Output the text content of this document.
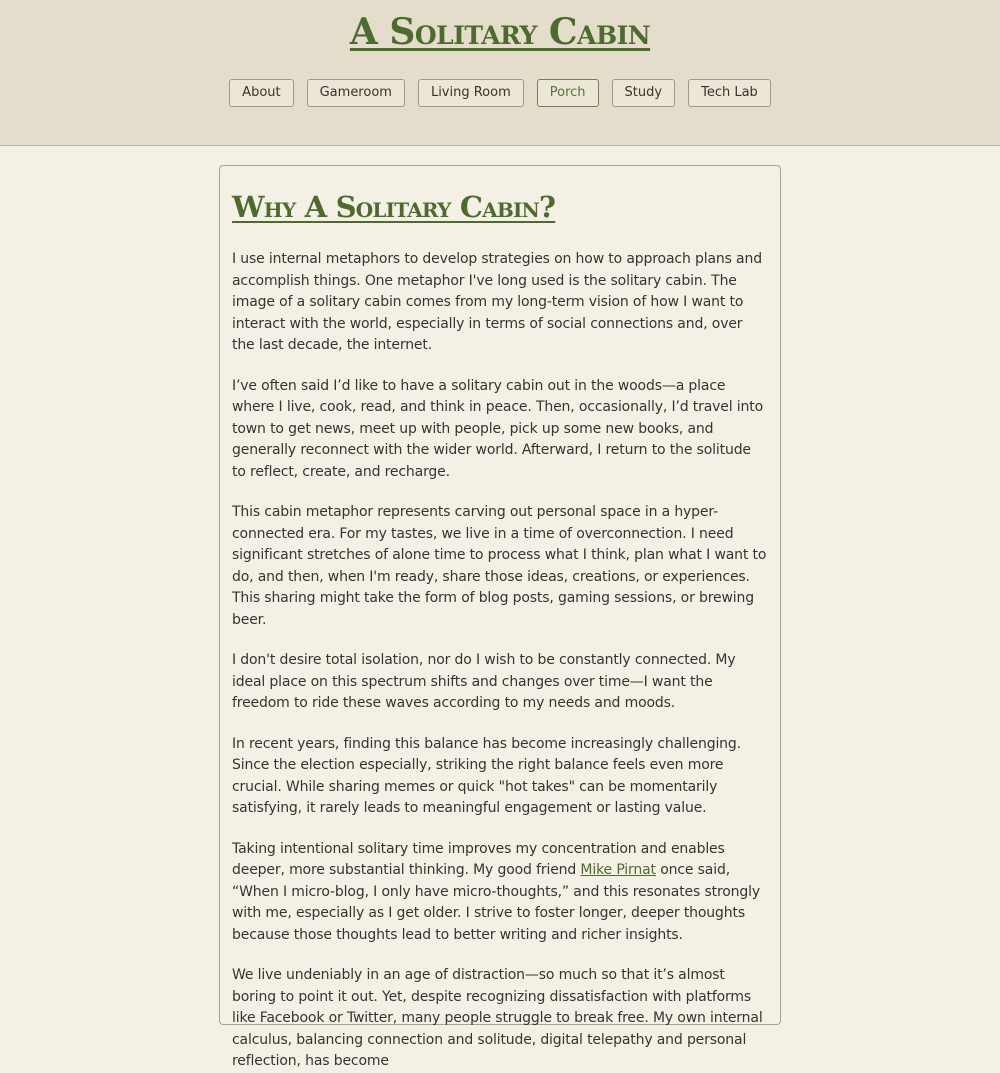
A Solitary Cabin
About	Gameroom	Living Room	Porch	Study	Tech Lab
Why A Solitary Cabin?

I use internal metaphors to develop strategies on how to approach plans and accomplish things. One metaphor I've long used is the solitary cabin. The image of a solitary cabin comes from my long-term vision of how I want to interact with the world, especially in terms of social connections and, over the last decade, the internet.

I’ve often said I’d like to have a solitary cabin out in the woods—a place where I live, cook, read, and think in peace. Then, occasionally, I’d travel into town to get news, meet up with people, pick up some new books, and generally reconnect with the wider world. Afterward, I return to the solitude to reflect, create, and recharge.

This cabin metaphor represents carving out personal space in a hyper-connected era. For my tastes, we live in a time of overconnection. I need significant stretches of alone time to process what I think, plan what I want to do, and then, when I'm ready, share those ideas, creations, or experiences. This sharing might take the form of blog posts, gaming sessions, or brewing beer.

I don't desire total isolation, nor do I wish to be constantly connected. My ideal place on this spectrum shifts and changes over time—I want the freedom to ride these waves according to my needs and moods.

In recent years, finding this balance has become increasingly challenging. Since the election especially, striking the right balance feels even more crucial. While sharing memes or quick "hot takes" can be momentarily satisfying, it rarely leads to meaningful engagement or lasting value.

Taking intentional solitary time improves my concentration and enables deeper, more substantial thinking. My good friend Mike Pirnat once said, “When I micro-blog, I only have micro-thoughts,” and this resonates strongly with me, especially as I get older. I strive to foster longer, deeper thoughts because those thoughts lead to better writing and richer insights.

We live undeniably in an age of distraction—so much so that it’s almost boring to point it out. Yet, despite recognizing dissatisfaction with platforms like Facebook or Twitter, many people struggle to break free. My own internal calculus, balancing connection and solitude, digital telepathy and personal reflection, has become
